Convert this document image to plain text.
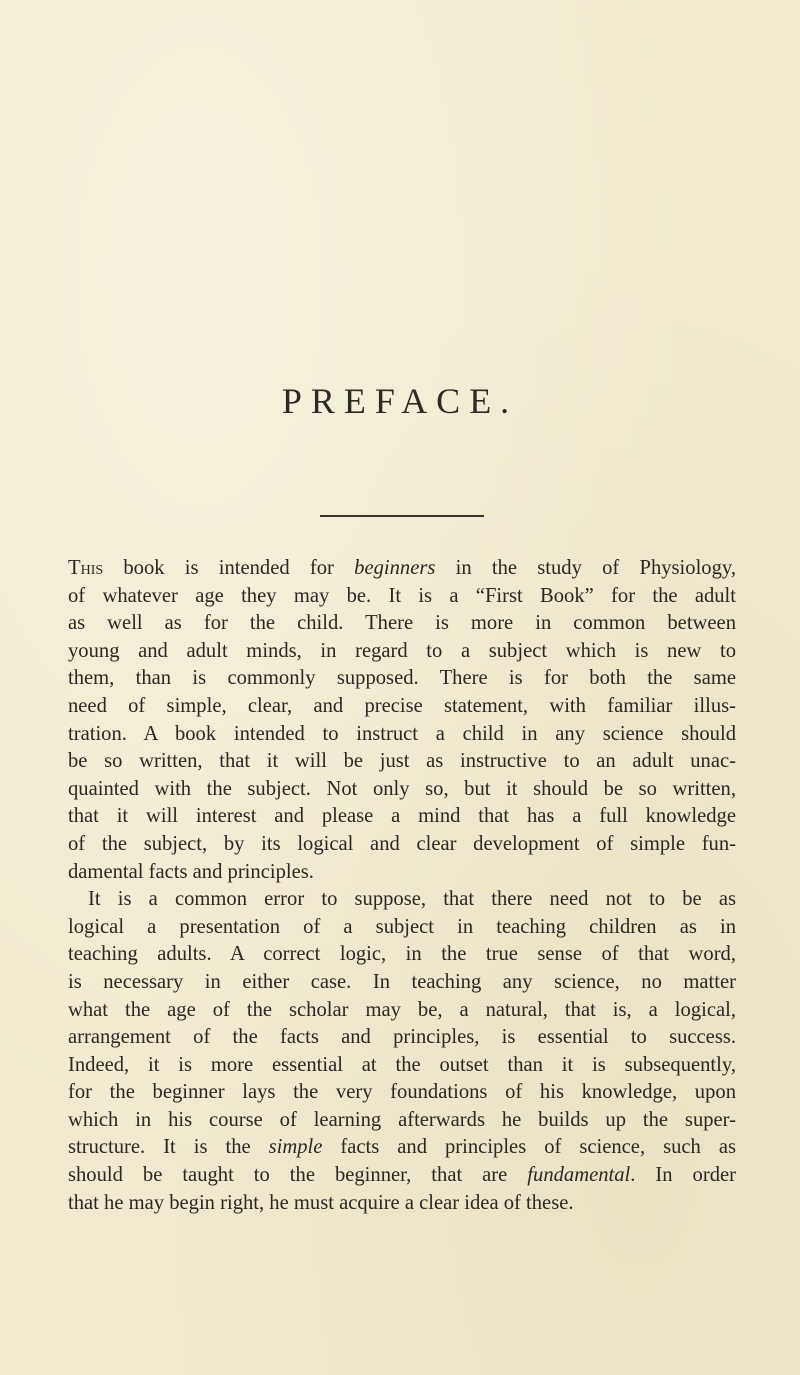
PREFACE.

This book is intended for beginners in the study of Physiology,
of whatever age they may be. It is a “First Book” for the adult
as well as for the child. There is more in common between
young and adult minds, in regard to a subject which is new to
them, than is commonly supposed. There is for both the same
need of simple, clear, and precise statement, with familiar illus-
tration. A book intended to instruct a child in any science should
be so written, that it will be just as instructive to an adult unac-
quainted with the subject. Not only so, but it should be so written,
that it will interest and please a mind that has a full knowledge
of the subject, by its logical and clear development of simple fun-
damental facts and principles.

It is a common error to suppose, that there need not to be as
logical a presentation of a subject in teaching children as in
teaching adults. A correct logic, in the true sense of that word,
is necessary in either case. In teaching any science, no matter
what the age of the scholar may be, a natural, that is, a logical,
arrangement of the facts and principles, is essential to success.
Indeed, it is more essential at the outset than it is subsequently,
for the beginner lays the very foundations of his knowledge, upon
which in his course of learning afterwards he builds up the super-
structure. It is the simple facts and principles of science, such as
should be taught to the beginner, that are fundamental. In order
that he may begin right, he must acquire a clear idea of these.
